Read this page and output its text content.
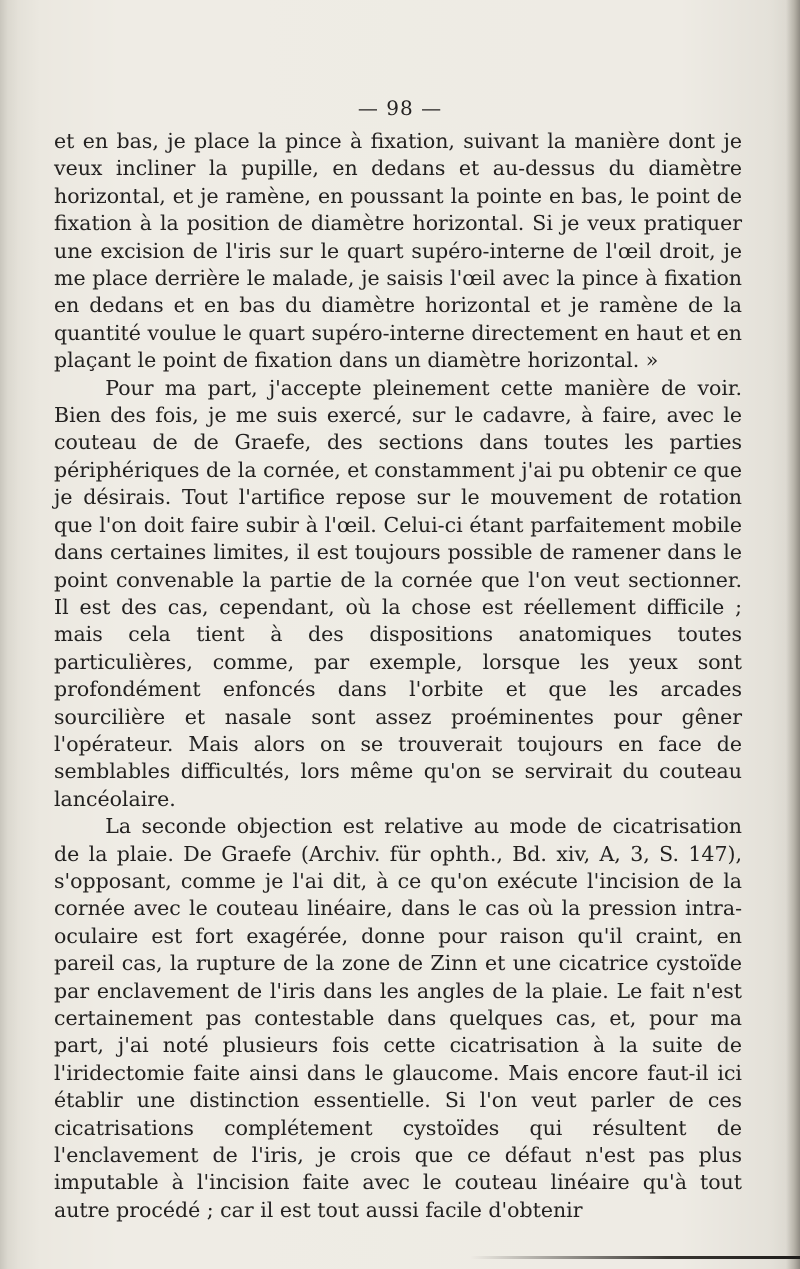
— 98 —

et en bas, je place la pince à fixation, suivant la manière dont je veux incliner la pupille, en dedans et au-dessus du diamètre horizontal, et je ramène, en poussant la pointe en bas, le point de fixation à la position de diamètre horizontal. Si je veux pratiquer une excision de l'iris sur le quart supéro-interne de l'œil droit, je me place derrière le malade, je saisis l'œil avec la pince à fixation en dedans et en bas du diamètre horizontal et je ramène de la quantité voulue le quart supéro-interne directement en haut et en plaçant le point de fixation dans un diamètre horizontal. »

Pour ma part, j'accepte pleinement cette manière de voir. Bien des fois, je me suis exercé, sur le cadavre, à faire, avec le couteau de de Graefe, des sections dans toutes les parties périphériques de la cornée, et constamment j'ai pu obtenir ce que je désirais. Tout l'artifice repose sur le mouvement de rotation que l'on doit faire subir à l'œil. Celui-ci étant parfaitement mobile dans certaines limites, il est toujours possible de ramener dans le point convenable la partie de la cornée que l'on veut sectionner. Il est des cas, cependant, où la chose est réellement difficile ; mais cela tient à des dispositions anatomiques toutes particulières, comme, par exemple, lorsque les yeux sont profondément enfoncés dans l'orbite et que les arcades sourcilière et nasale sont assez proéminentes pour gêner l'opérateur. Mais alors on se trouverait toujours en face de semblables difficultés, lors même qu'on se servirait du couteau lancéolaire.

La seconde objection est relative au mode de cicatrisation de la plaie. De Graefe (Archiv. für ophth., Bd. xiv, A, 3, S. 147), s'opposant, comme je l'ai dit, à ce qu'on exécute l'incision de la cornée avec le couteau linéaire, dans le cas où la pression intra-oculaire est fort exagérée, donne pour raison qu'il craint, en pareil cas, la rupture de la zone de Zinn et une cicatrice cystoïde par enclavement de l'iris dans les angles de la plaie. Le fait n'est certainement pas contestable dans quelques cas, et, pour ma part, j'ai noté plusieurs fois cette cicatrisation à la suite de l'iridectomie faite ainsi dans le glaucome. Mais encore faut-il ici établir une distinction essentielle. Si l'on veut parler de ces cicatrisations complétement cystoïdes qui résultent de l'enclavement de l'iris, je crois que ce défaut n'est pas plus imputable à l'incision faite avec le couteau linéaire qu'à tout autre procédé ; car il est tout aussi facile d'obtenir
